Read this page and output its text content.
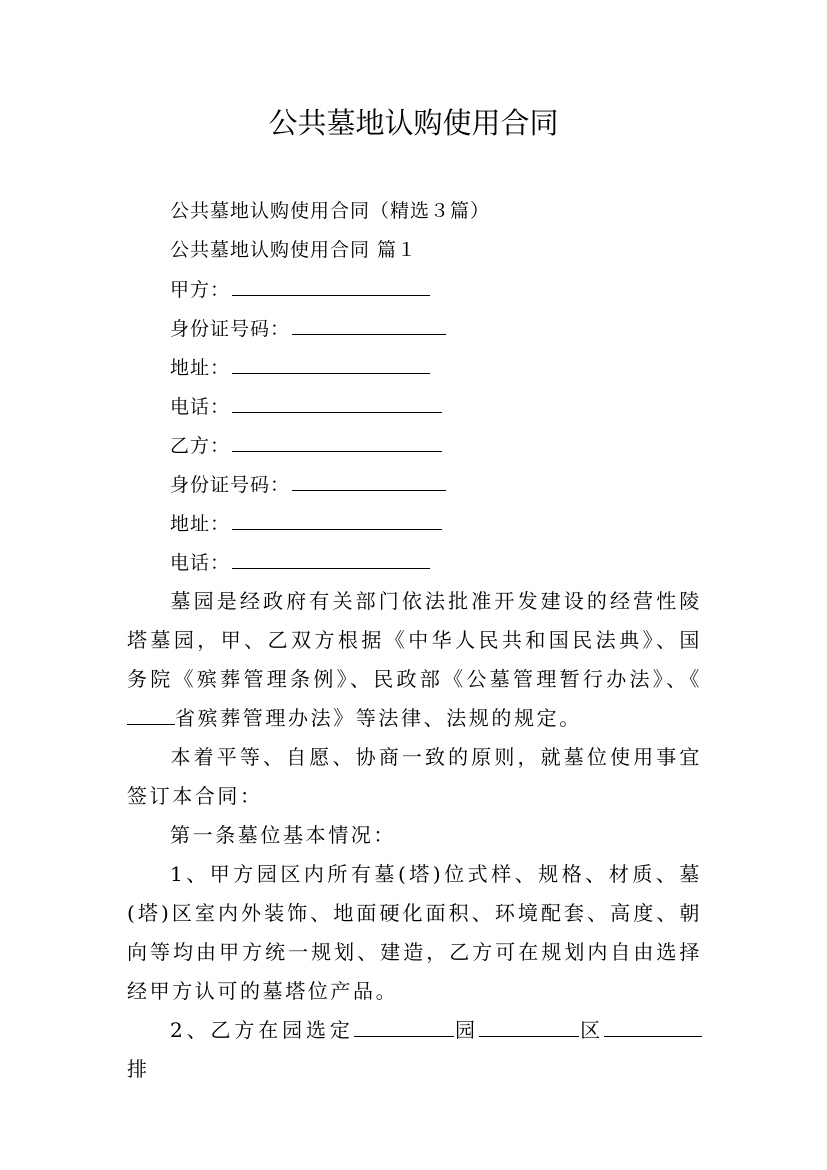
公共墓地认购使用合同
公共墓地认购使用合同（精选３篇）
公共墓地认购使用合同 篇１
甲方：
身份证号码：
地址：
电话：
乙方：
身份证号码：
地址：
电话：
墓园是经政府有关部门依法批准开发建设的经营性陵塔墓园，甲、乙双方根据《中华人民共和国民法典》、国务院《殡葬管理条例》、民政部《公墓管理暂行办法》、《省殡葬管理办法》等法律、法规的规定。
本着平等、自愿、协商一致的原则，就墓位使用事宜签订本合同：
第一条墓位基本情况：
1、甲方园区内所有墓(塔)位式样、规格、材质、墓(塔)区室内外装饰、地面硬化面积、环境配套、高度、朝向等均由甲方统一规划、建造，乙方可在规划内自由选择经甲方认可的墓塔位产品。
2、乙方在园选定	园	区排
